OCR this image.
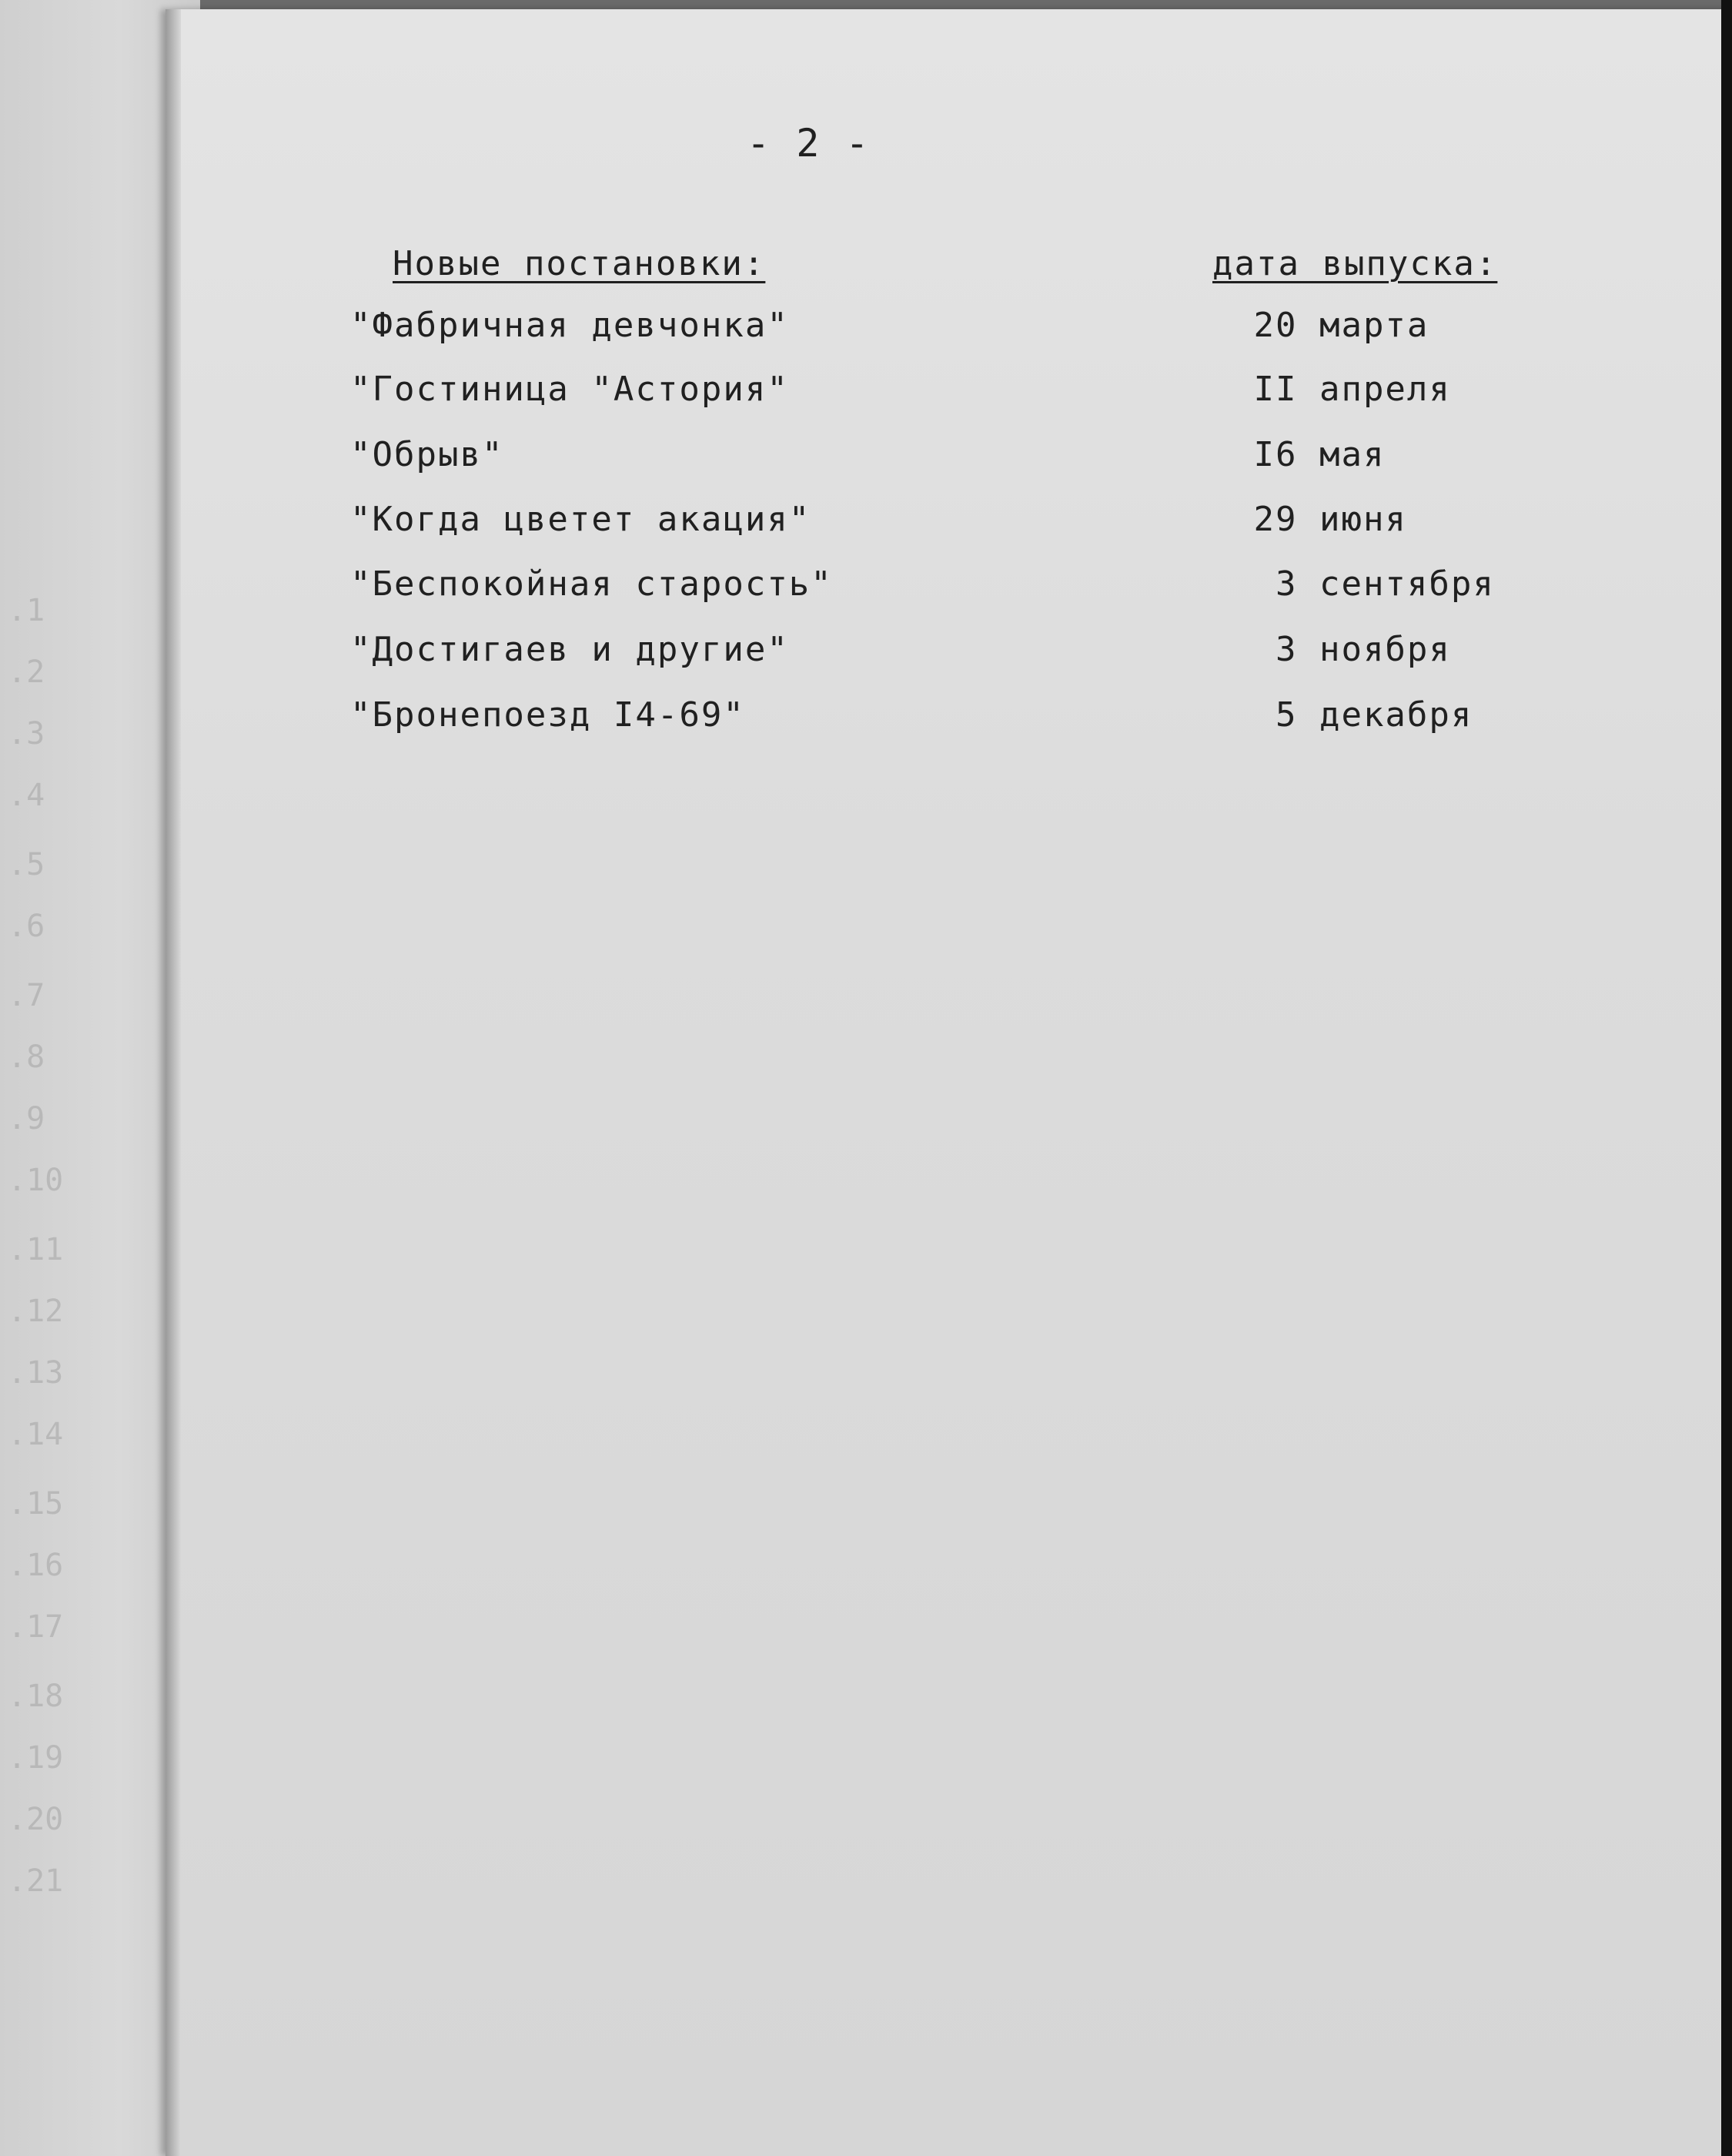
.1
.2
.3
.4
.5
.6
.7
.8
.9
.10
.11
.12
.13
.14
.15
.16
.17
.18
.19
.20
.21
- 2 -
Новые постановки:	дата выпуска:
"Фабричная девчонка"	20 марта
"Гостиница "Астория"	II апреля
"Обрыв"	I6 мая
"Когда цветет акация"	29 июня
"Беспокойная старость"	3 сентября
"Достигаев и другие"	3 ноября
"Бронепоезд I4-69"	5 декабря
